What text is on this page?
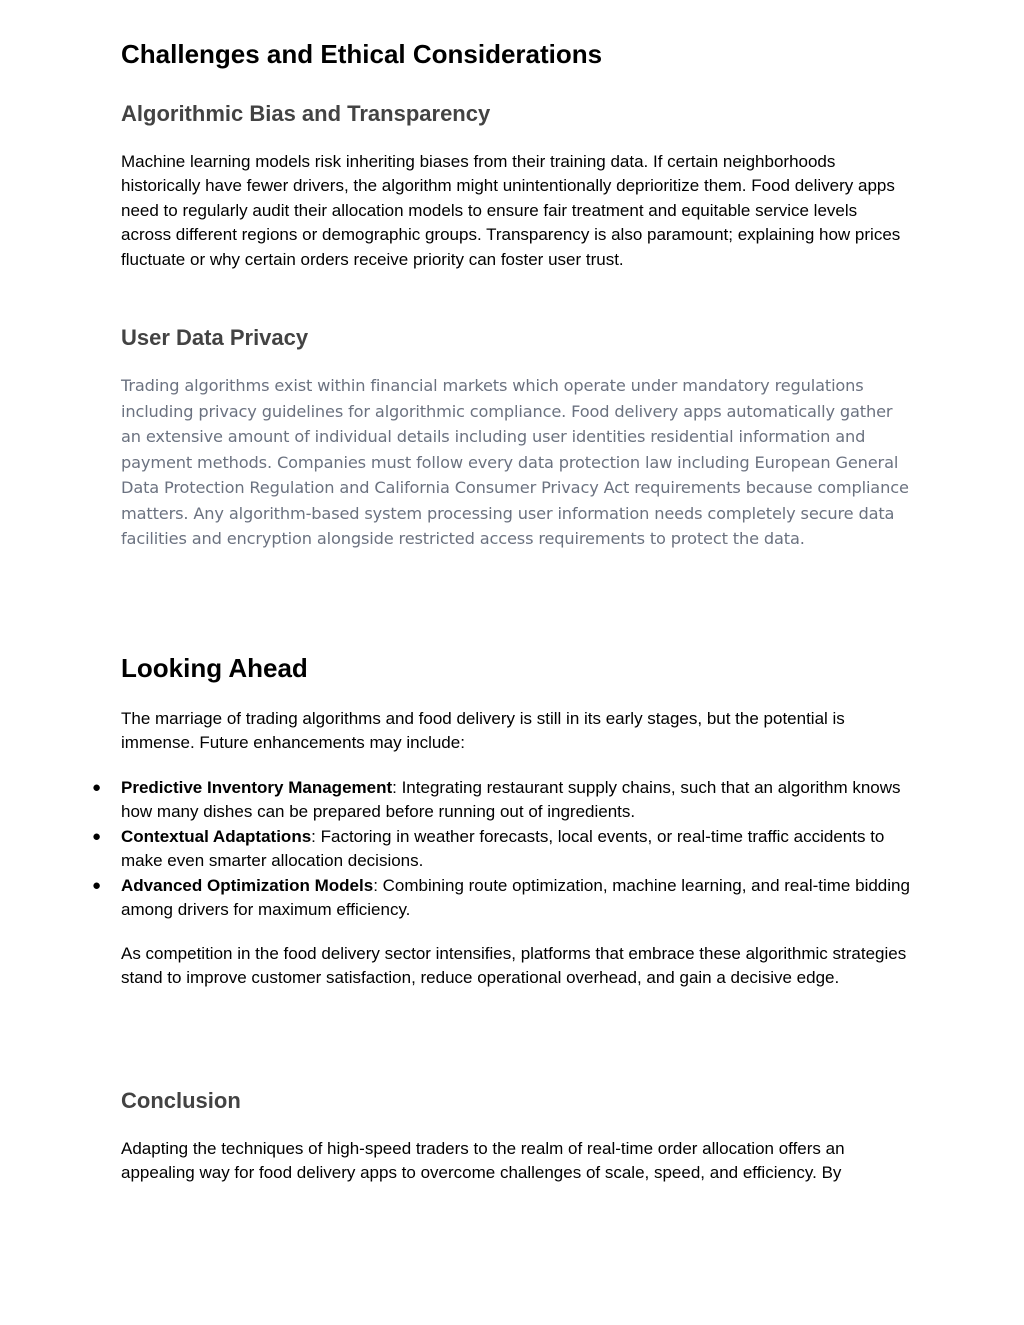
Challenges and Ethical Considerations
Algorithmic Bias and Transparency

Machine learning models risk inheriting biases from their training data. If certain neighborhoods historically have fewer drivers, the algorithm might unintentionally deprioritize them. Food delivery apps need to regularly audit their allocation models to ensure fair treatment and equitable service levels across different regions or demographic groups. Transparency is also paramount; explaining how prices fluctuate or why certain orders receive priority can foster user trust.

User Data Privacy

Trading algorithms exist within financial markets which operate under mandatory regulations including privacy guidelines for algorithmic compliance. Food delivery apps automatically gather an extensive amount of individual details including user identities residential information and payment methods. Companies must follow every data protection law including European General Data Protection Regulation and California Consumer Privacy Act requirements because compliance matters. Any algorithm-based system processing user information needs completely secure data facilities and encryption alongside restricted access requirements to protect the data.

Looking Ahead

The marriage of trading algorithms and food delivery is still in its early stages, but the potential is immense. Future enhancements may include:

● Predictive Inventory Management: Integrating restaurant supply chains, such that an algorithm knows how many dishes can be prepared before running out of ingredients.
● Contextual Adaptations: Factoring in weather forecasts, local events, or real-time traffic accidents to make even smarter allocation decisions.
● Advanced Optimization Models: Combining route optimization, machine learning, and real-time bidding among drivers for maximum efficiency.

As competition in the food delivery sector intensifies, platforms that embrace these algorithmic strategies stand to improve customer satisfaction, reduce operational overhead, and gain a decisive edge.

Conclusion

Adapting the techniques of high-speed traders to the realm of real-time order allocation offers an appealing way for food delivery apps to overcome challenges of scale, speed, and efficiency. By
